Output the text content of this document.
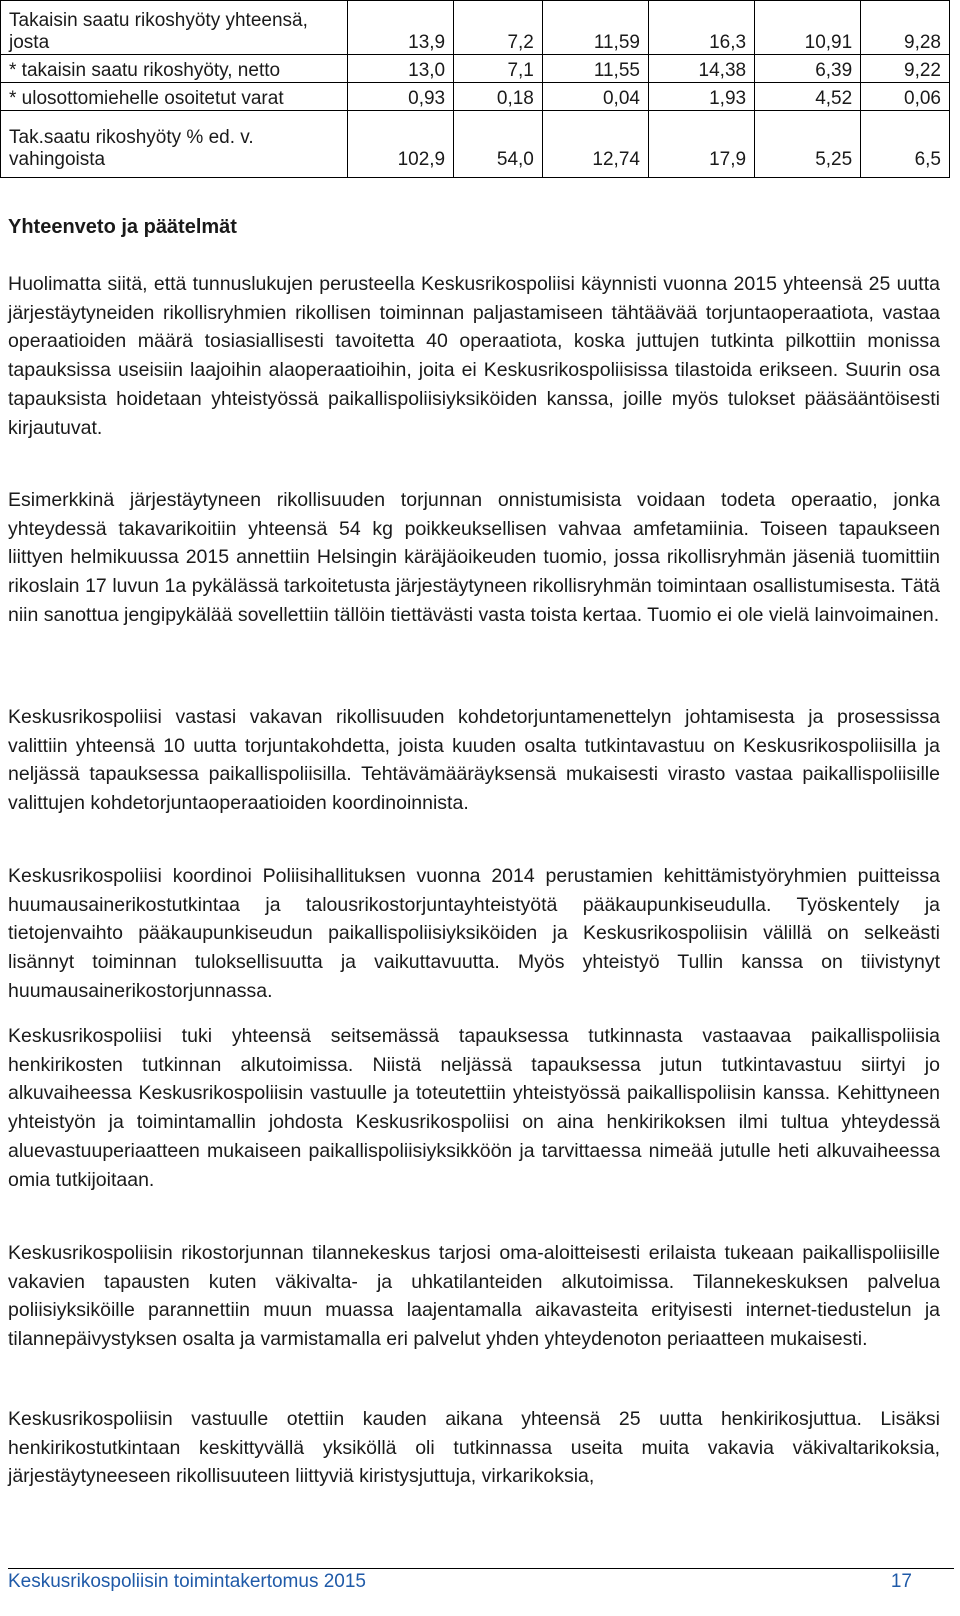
Takaisin saatu rikoshyöty yhteensä,
josta	13,9	7,2	11,59	16,3	10,91	9,28
* takaisin saatu rikoshyöty, netto	13,0	7,1	11,55	14,38	6,39	9,22
* ulosottomiehelle osoitetut varat	0,93	0,18	0,04	1,93	4,52	0,06

Tak.saatu rikoshyöty % ed. v.
vahingoista	102,9	54,0	12,74	17,9	5,25	6,5
Yhteenveto ja päätelmät

Huolimatta siitä, että tunnuslukujen perusteella Keskusrikospoliisi käynnisti vuonna 2015 yhteensä 25 uutta järjestäytyneiden rikollisryhmien rikollisen toiminnan paljastamiseen tähtäävää torjuntaoperaatiota, vastaa operaatioiden määrä tosiasiallisesti tavoitetta 40 operaatiota, koska juttujen tutkinta pilkottiin monissa tapauksissa useisiin laajoihin alaoperaatioihin, joita ei Keskusrikospoliisissa tilastoida erikseen. Suurin osa tapauksista hoidetaan yhteistyössä paikallispoliisiyksiköiden kanssa, joille myös tulokset pääsääntöisesti kirjautuvat.

Esimerkkinä järjestäytyneen rikollisuuden torjunnan onnistumisista voidaan todeta operaatio, jonka yhteydessä takavarikoitiin yhteensä 54 kg poikkeuksellisen vahvaa amfetamiinia. Toiseen tapaukseen liittyen helmikuussa 2015 annettiin Helsingin käräjäoikeuden tuomio, jossa rikollisryhmän jäseniä tuomittiin rikoslain 17 luvun 1a pykälässä tarkoitetusta järjestäytyneen rikollisryhmän toimintaan osallistumisesta. Tätä niin sanottua jengipykälää sovellettiin tällöin tiettävästi vasta toista kertaa. Tuomio ei ole vielä lainvoimainen.

Keskusrikospoliisi vastasi vakavan rikollisuuden kohdetorjuntamenettelyn johtamisesta ja prosessissa valittiin yhteensä 10 uutta torjuntakohdetta, joista kuuden osalta tutkintavastuu on Keskusrikospoliisilla ja neljässä tapauksessa paikallispoliisilla. Tehtävämääräyksensä mukaisesti virasto vastaa paikallispoliisille valittujen kohdetorjuntaoperaatioiden koordinoinnista.

Keskusrikospoliisi koordinoi Poliisihallituksen vuonna 2014 perustamien kehittämistyöryhmien puitteissa huumausainerikostutkintaa ja talousrikostorjuntayhteistyötä pääkaupunkiseudulla. Työskentely ja tietojenvaihto pääkaupunkiseudun paikallispoliisiyksiköiden ja Keskusrikospoliisin välillä on selkeästi lisännyt toiminnan tuloksellisuutta ja vaikuttavuutta. Myös yhteistyö Tullin kanssa on tiivistynyt huumausainerikostorjunnassa.

Keskusrikospoliisi tuki yhteensä seitsemässä tapauksessa tutkinnasta vastaavaa paikallispoliisia henkirikosten tutkinnan alkutoimissa. Niistä neljässä tapauksessa jutun tutkintavastuu siirtyi jo alkuvaiheessa Keskusrikospoliisin vastuulle ja toteutettiin yhteistyössä paikallispoliisin kanssa. Kehittyneen yhteistyön ja toimintamallin johdosta Keskusrikospoliisi on aina henkirikoksen ilmi tultua yhteydessä aluevastuuperiaatteen mukaiseen paikallispoliisiyksikköön ja tarvittaessa nimeää jutulle heti alkuvaiheessa omia tutkijoitaan.

Keskusrikospoliisin rikostorjunnan tilannekeskus tarjosi oma-aloitteisesti erilaista tukeaan paikallispoliisille vakavien tapausten kuten väkivalta- ja uhkatilanteiden alkutoimissa. Tilannekeskuksen palvelua poliisiyksiköille parannettiin muun muassa laajentamalla aikavasteita erityisesti internet-tiedustelun ja tilannepäivystyksen osalta ja varmistamalla eri palvelut yhden yhteydenoton periaatteen mukaisesti.

Keskusrikospoliisin vastuulle otettiin kauden aikana yhteensä 25 uutta henkirikosjuttua. Lisäksi henkirikostutkintaan keskittyvällä yksiköllä oli tutkinnassa useita muita vakavia väkivaltarikoksia, järjestäytyneeseen rikollisuuteen liittyviä kiristysjuttuja, virkarikoksia,

Keskusrikospoliisin toimintakertomus 2015	17
